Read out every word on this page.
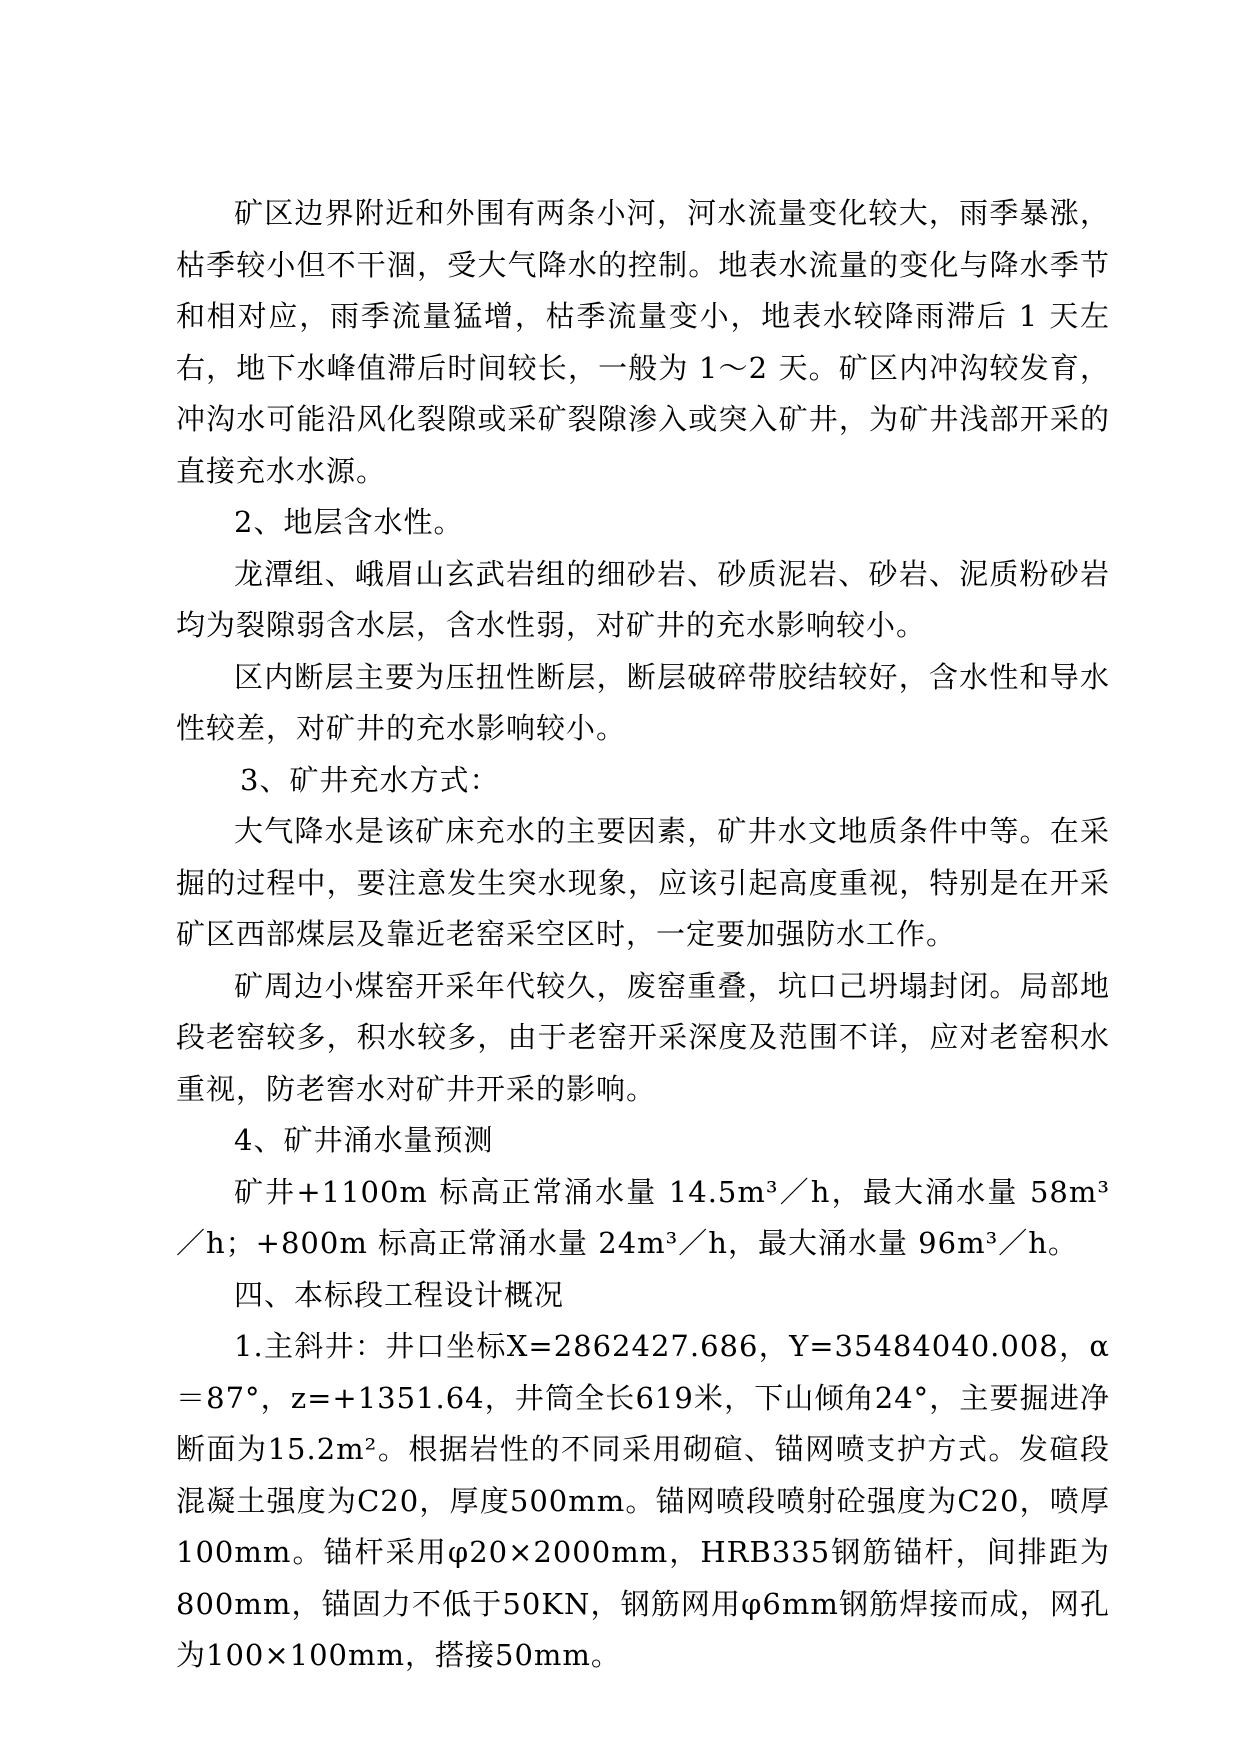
矿区边界附近和外围有两条小河，河水流量变化较大，雨季暴涨，枯季较小但不干涸，受大气降水的控制。地表水流量的变化与降水季节和相对应，雨季流量猛增，枯季流量变小，地表水较降雨滞后 1 天左右，地下水峰值滞后时间较长，一般为 1～2 天。矿区内冲沟较发育，冲沟水可能沿风化裂隙或采矿裂隙渗入或突入矿井，为矿井浅部开采的直接充水水源。

2、地层含水性。

龙潭组、峨眉山玄武岩组的细砂岩、砂质泥岩、砂岩、泥质粉砂岩均为裂隙弱含水层，含水性弱，对矿井的充水影响较小。

区内断层主要为压扭性断层，断层破碎带胶结较好，含水性和导水性较差，对矿井的充水影响较小。

3、矿井充水方式：

大气降水是该矿床充水的主要因素，矿井水文地质条件中等。在采掘的过程中，要注意发生突水现象，应该引起高度重视，特别是在开采矿区西部煤层及靠近老窑采空区时，一定要加强防水工作。

矿周边小煤窑开采年代较久，废窑重叠，坑口己坍塌封闭。局部地段老窑较多，积水较多，由于老窑开采深度及范围不详，应对老窑积水重视，防老窖水对矿井开采的影响。

4、矿井涌水量预测

矿井+1100m 标高正常涌水量 14.5m³／h，最大涌水量 58m³／h；+800m 标高正常涌水量 24m³／h，最大涌水量 96m³／h。

四、本标段工程设计概况

1.主斜井：井口坐标X=2862427.686，Y=35484040.008，α ＝87°，z=+1351.64，井筒全长619米，下山倾角24°，主要掘进净断面为15.2m²。根据岩性的不同采用砌碹、锚网喷支护方式。发碹段混凝土强度为C20，厚度500mm。锚网喷段喷射砼强度为C20，喷厚100mm。锚杆采用φ20×2000mm，HRB335钢筋锚杆，间排距为800mm，锚固力不低于50KN，钢筋网用φ6mm钢筋焊接而成，网孔为100×100mm，搭接50mm。
